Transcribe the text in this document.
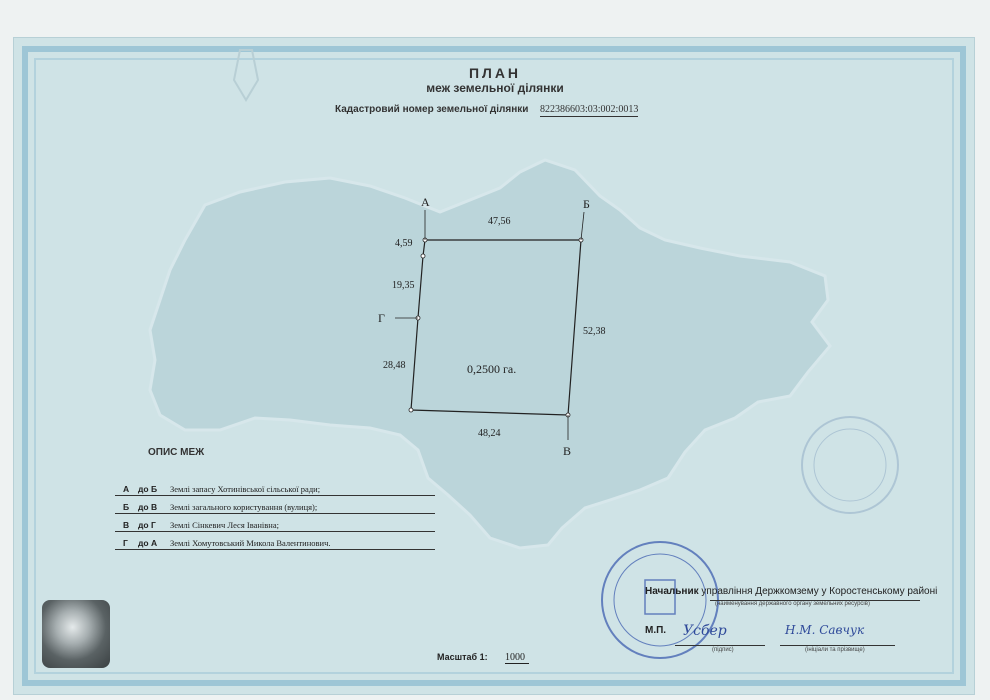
ПЛАН
меж земельної ділянки
Кадастровий номер земельної ділянки 822386603:03:002:0013
А	Б
В
Г
47,56
52,38
48,24
4,59
19,35
28,48	0,2500 га.
ОПИС МЕЖ
А до Б Землі запасу Хотинівської сільської ради;
Б до В Землі загального користування (вулиця);
В до Г Землі Сінкевич Леся Іванівна;
Г до А Землі Хомутовський Микола Валентинович.
Начальник управління Держкомзему у Коростенському районі
(найменування державного органу земельних ресурсів)
М.П. Усбер	Н.М. Савчук
(підпис)	(ініціали та прізвище)
Масштаб 1: 1000
